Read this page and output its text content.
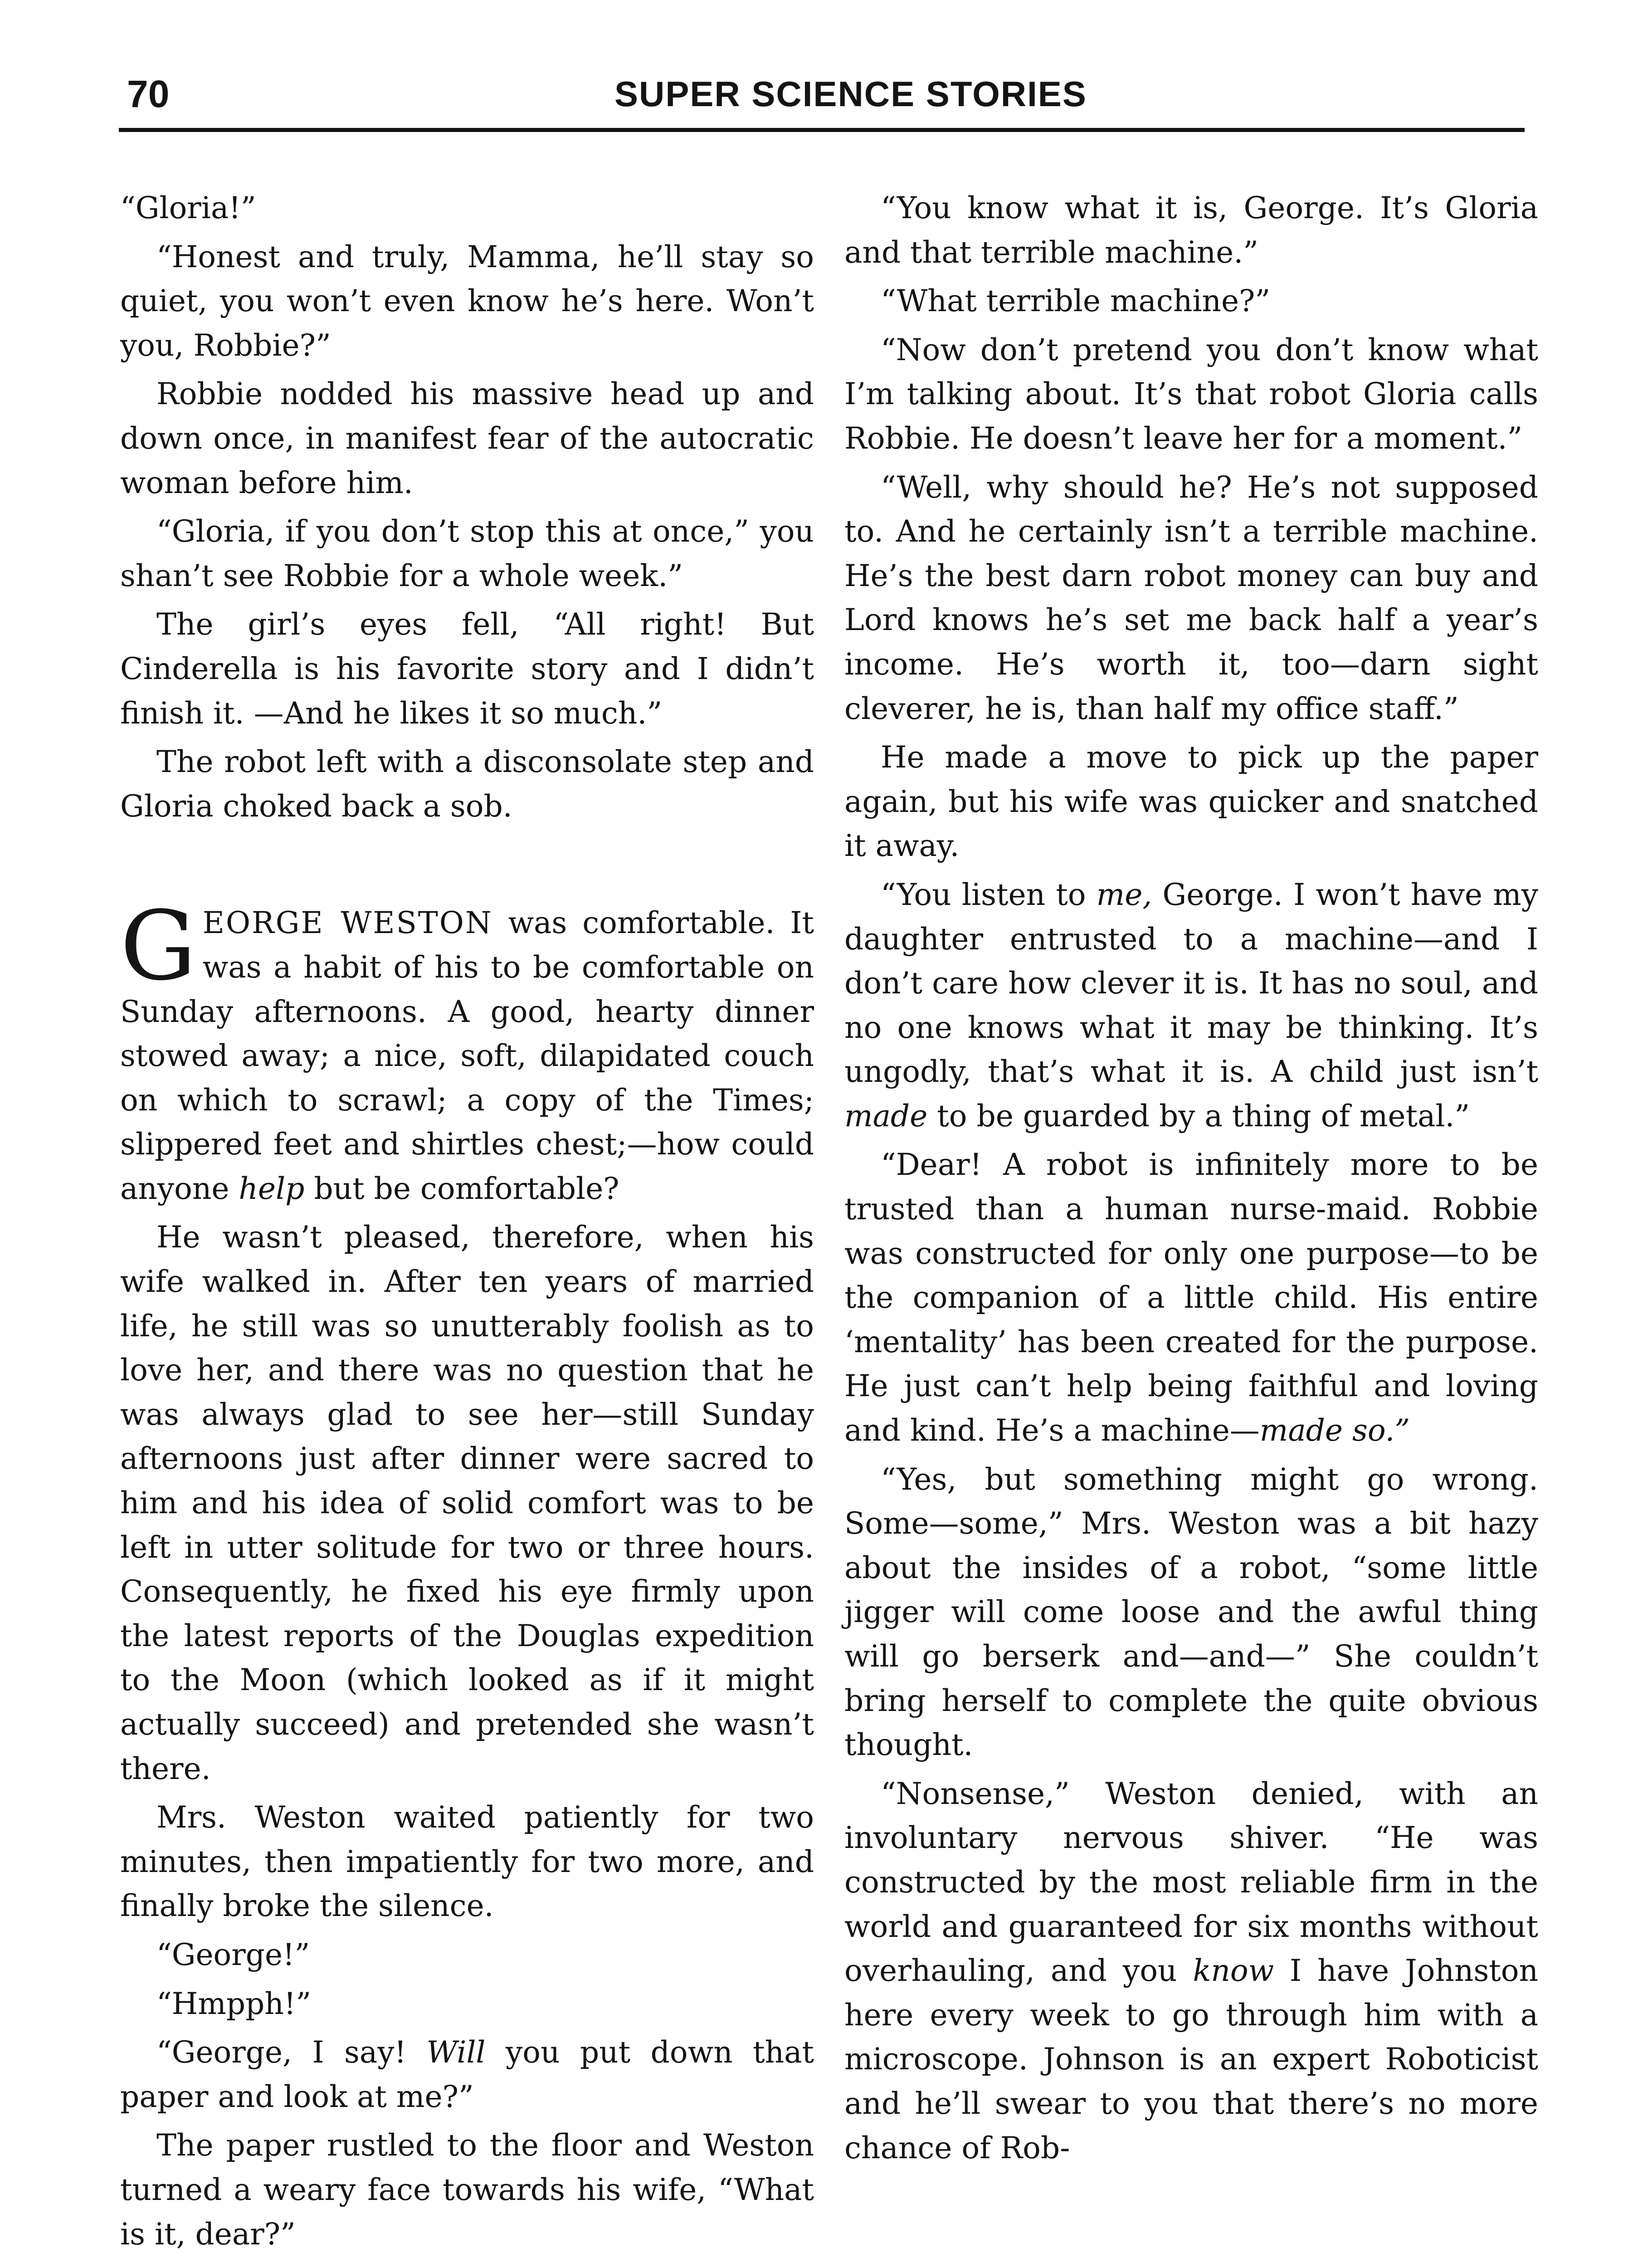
70	SUPER SCIENCE STORIES

“Gloria!”

“Honest and truly, Mamma, he’ll stay so quiet, you won’t even know he’s here. Won’t you, Robbie?”

Robbie nodded his massive head up and down once, in manifest fear of the autocratic woman before him.

“Gloria, if you don’t stop this at once,” you shan’t see Robbie for a whole week.”

The girl’s eyes fell, “All right! But Cinderella is his favorite story and I didn’t finish it. —And he likes it so much.”

The robot left with a disconsolate step and Gloria choked back a sob.

GEORGE WESTON was comfortable. It was a habit of his to be comfortable on Sunday afternoons. A good, hearty dinner stowed away; a nice, soft, dilapidated couch on which to scrawl; a copy of the Times; slippered feet and shirtles chest;—how could anyone help but be comfortable?

He wasn’t pleased, therefore, when his wife walked in. After ten years of married life, he still was so unutterably foolish as to love her, and there was no question that he was always glad to see her—still Sunday afternoons just after dinner were sacred to him and his idea of solid comfort was to be left in utter solitude for two or three hours. Consequently, he fixed his eye firmly upon the latest reports of the Douglas expedition to the Moon (which looked as if it might actually succeed) and pretended she wasn’t there.

Mrs. Weston waited patiently for two minutes, then impatiently for two more, and finally broke the silence.

“George!”

“Hmpph!”

“George, I say! Will you put down that paper and look at me?”

The paper rustled to the floor and Weston turned a weary face towards his wife, “What is it, dear?”

“You know what it is, George. It’s Gloria and that terrible machine.”

“What terrible machine?”

“Now don’t pretend you don’t know what I’m talking about. It’s that robot Gloria calls Robbie. He doesn’t leave her for a moment.”

“Well, why should he? He’s not supposed to. And he certainly isn’t a terrible machine. He’s the best darn robot money can buy and Lord knows he’s set me back half a year’s income. He’s worth it, too—darn sight cleverer, he is, than half my office staff.”

He made a move to pick up the paper again, but his wife was quicker and snatched it away.

“You listen to me, George. I won’t have my daughter entrusted to a machine—and I don’t care how clever it is. It has no soul, and no one knows what it may be thinking. It’s ungodly, that’s what it is. A child just isn’t made to be guarded by a thing of metal.”

“Dear! A robot is infinitely more to be trusted than a human nurse-maid. Robbie was constructed for only one purpose—to be the companion of a little child. His entire ‘mentality’ has been created for the purpose. He just can’t help being faithful and loving and kind. He’s a machine—made so.”

“Yes, but something might go wrong. Some—some,” Mrs. Weston was a bit hazy about the insides of a robot, “some little jigger will come loose and the awful thing will go berserk and—and—” She couldn’t bring herself to complete the quite obvious thought.

“Nonsense,” Weston denied, with an involuntary nervous shiver. “He was constructed by the most reliable firm in the world and guaranteed for six months without overhauling, and you know I have Johnston here every week to go through him with a microscope. Johnson is an expert Roboticist and he’ll swear to you that there’s no more chance of Rob-
